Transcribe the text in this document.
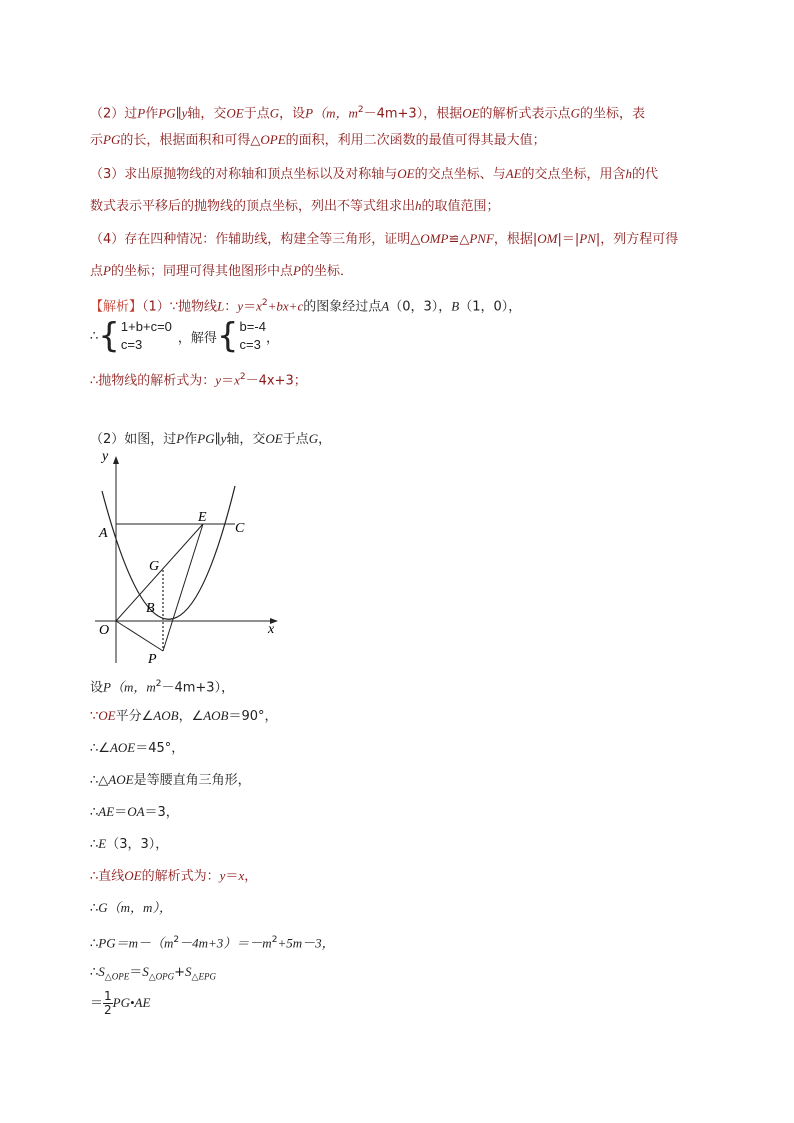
（2）过P作PG∥y轴，交OE于点G，设P（m，$m^2-4m+3$），根据OE的解析式表示点G的坐标，表
示PG的长，根据面积和可得△OPE的面积，利用二次函数的最值可得其最大值；
（3）求出原抛物线的对称轴和顶点坐标以及对称轴与OE的交点坐标、与AE的交点坐标，用含h的代
数式表示平移后的抛物线的顶点坐标，列出不等式组求出h的取值范围；
（4）存在四种情况：作辅助线，构建全等三角形，证明△OMP≌△PNF，根据|OM|＝|PN|，列方程可得
点P的坐标；同理可得其他图形中点P的坐标．
【解析】（1）∵抛物线L：$y=x^2+bx+c$的图象经过点A（0，3），B（1，0），
∴ { 1+b+c=0
c=3	，解得 { b=-4
c=3 ，
∴抛物线的解析式为：$y=x^2-4x+3$；
（2）如图，过P作PG∥y轴，交OE于点G，
y
x
O
A
E
C
G
B
P
设P（m，$m^2-4m+3$），
∵OE平分∠AOB，∠AOB＝90°，
∴∠AOE＝45°，
∴△AOE是等腰直角三角形，
∴AE＝OA＝3，
∴E（3，3），
∴直线OE的解析式为：y＝x，
∴G（m，m），
$\therefore PG=m-(m^2-4m+3)=-m^2+5m-3$，
$\therefore S_{\triangle OPE}=S_{\triangle OPG}+S_{\triangle EPG}$
＝ $\frac{1}{2}$ PG•AE
